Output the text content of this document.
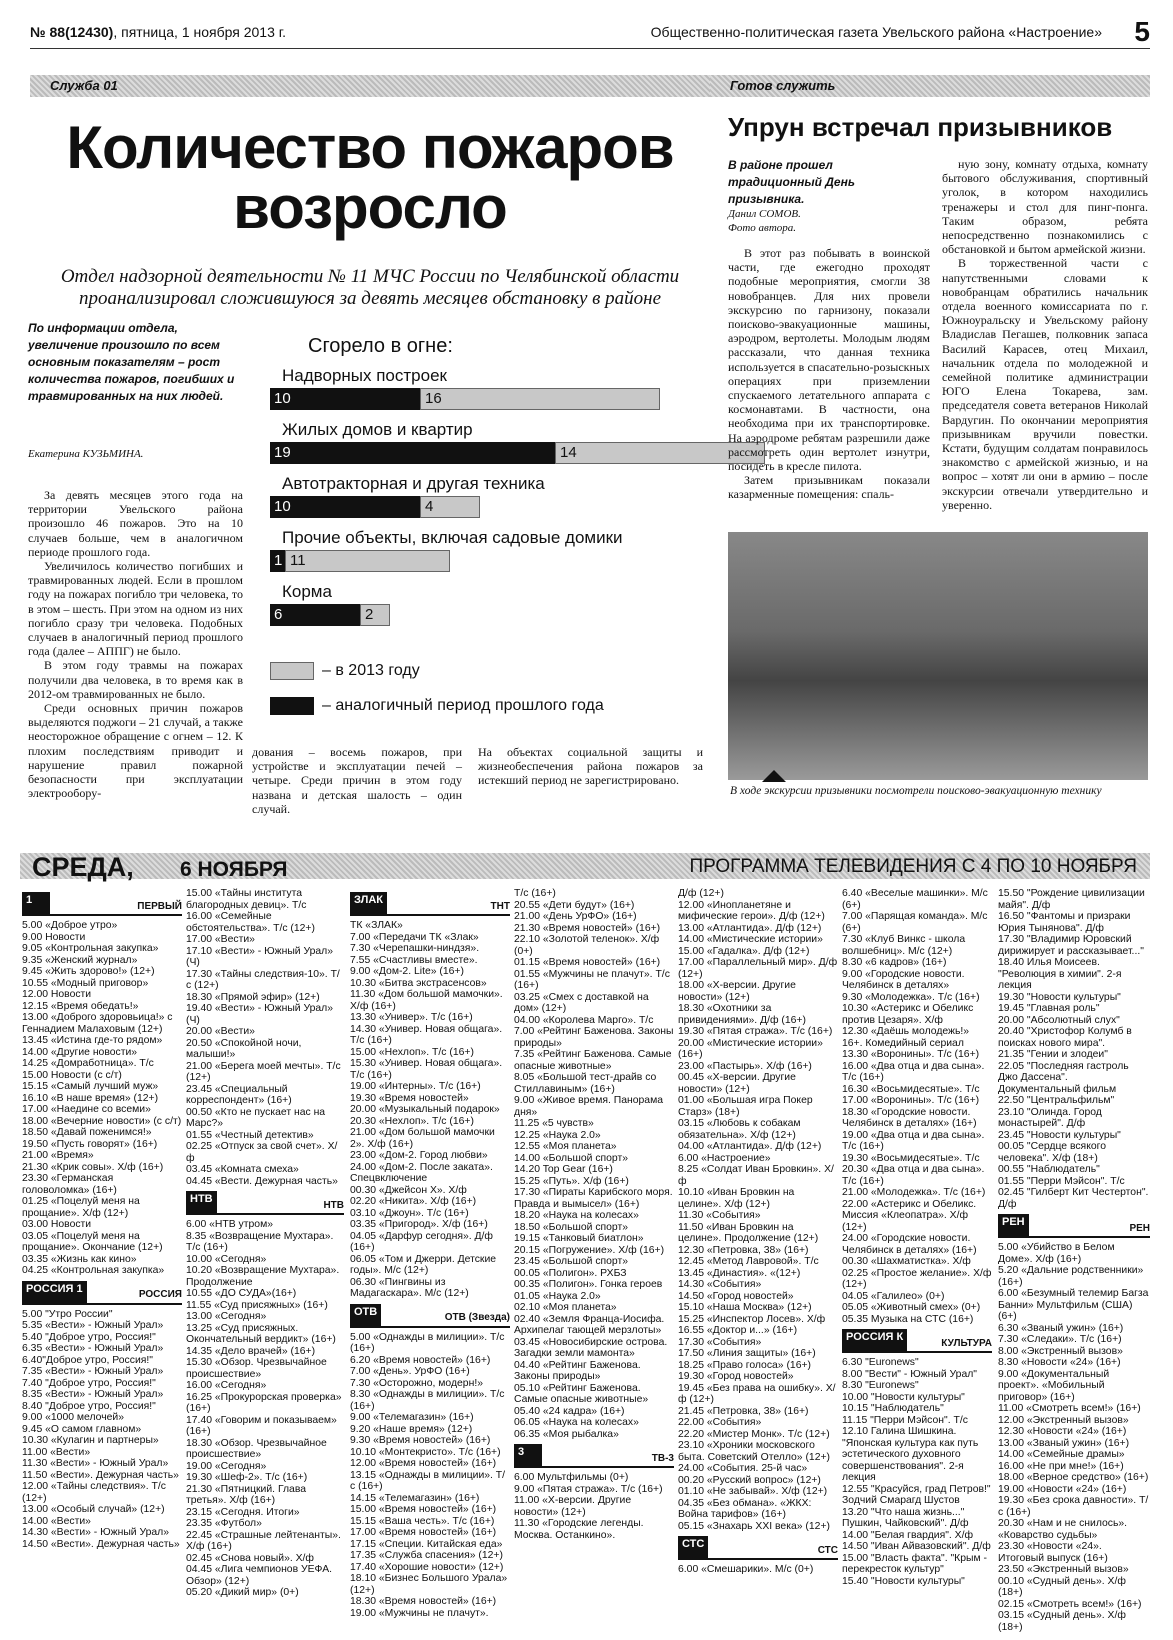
№ 88(12430), пятница, 1 ноября 2013 г.	Общественно-политическая газета Увельского района «Настроение» 5
Служба 01
Количество пожаров возросло
Отдел надзорной деятельности № 11 МЧС России по Челябинской области проанализировал сложившуюся за девять месяцев обстановку в районе
По информации отдела, увеличение произошло по всем основным показателям – рост количества пожаров, погибших и травмированных на них людей.
Екатерина КУЗЬМИНА.

За девять месяцев этого года на территории Увельского района произошло 46 пожаров. Это на 10 случаев больше, чем в аналогичном периоде прошлого года.

Увеличилось количество погибших и травмированных людей. Если в прошлом году на пожарах погибло три человека, то в этом – шесть. При этом на одном из них погибло сразу три человека. Подобных случаев в аналогичный период прошлого года (далее – АППГ) не было.

В этом году травмы на пожарах получили два человека, в то время как в 2012-ом травмированных не было.

Среди основных причин пожаров выделяются поджоги – 21 случай, а также неосторожное обращение с огнем – 12. К плохим последствиям приводит и нарушение правил пожарной безопасности при эксплуатации электрообору-

дования – восемь пожаров, при устройстве и эксплуатации печей – четыре. Среди причин в этом году названа и детская шалость – один случай.
На объектах социальной защиты и жизнеобеспечения района пожаров за истекший период не зарегистрировано.
Сгорело в огне:
Надворных построек
10	16
Жилых домов и квартир
19	14
Автотракторная и другая техника
10	4
Прочие объекты, включая садовые домики
1 11
Корма
6	2
– в 2013 году
– аналогичный период прошлого года
Готов служить
Упрун встречал призывников
В районе прошел традиционный День призывника.
Данил СОМОВ.
Фото автора.

В этот раз побывать в воинской части, где ежегодно проходят подобные мероприятия, смогли 38 новобранцев. Для них провели экскурсию по гарнизону, показали поисково-эвакуационные машины, аэродром, вертолеты. Молодым людям рассказали, что данная техника используется в спасательно-розыскных операциях при приземлении спускаемого летательного аппарата с космонавтами. В частности, она необходима при их транспортировке. На аэродроме ребятам разрешили даже рассмотреть один вертолет изнутри, посидеть в кресле пилота.

Затем призывникам показали казарменные помещения: спаль-

ную зону, комнату отдыха, комнату бытового обслуживания, спортивный уголок, в котором находились тренажеры и стол для пинг-понга. Таким образом, ребята непосредственно познакомились с обстановкой и бытом армейской жизни.

В торжественной части с напутственными словами к новобранцам обратились начальник отдела военного комиссариата по г. Южноуральску и Увельскому району Владислав Пегашев, полковник запаса Василий Карасев, отец Михаил, начальник отдела по молодежной и семейной политике администрации ЮГО Елена Токарева, зам. председателя совета ветеранов Николай Вардугин. По окончании мероприятия призывникам вручили повестки. Кстати, будущим солдатам понравилось знакомство с армейской жизнью, и на вопрос – хотят ли они в армию – после экскурсии отвечали утвердительно и уверенно.

В ходе экскурсии призывники посмотрели поисково-эвакуационную технику
СРЕДА, 6 НОЯБРЯ	ПРОГРАММА ТЕЛЕВИДЕНИЯ С 4 ПО 10 НОЯБРЯ
1	ПЕРВЫЙ
5.00 «Доброе утро»
9.00 Новости
9.05 «Контрольная закупка»
9.35 «Женский журнал»
9.45 «Жить здорово!» (12+)
10.55 «Модный приговор»
12.00 Новости
12.15 «Время обедать!»
13.00 «Доброго здоровьица!» с Геннадием Малаховым (12+)
13.45 «Истина где-то рядом»
14.00 «Другие новости»
14.25 «Домработница». Т/с
15.00 Новости (с с/т)
15.15 «Самый лучший муж»
16.10 «В наше время» (12+)
17.00 «Наедине со всеми»
18.00 «Вечерние новости» (с с/т)
18.50 «Давай поженимся!»
19.50 «Пусть говорят» (16+)
21.00 «Время»
21.30 «Крик совы». Х/ф (16+)
23.30 «Германская головоломка» (16+)
01.25 «Поцелуй меня на прощание». Х/ф (12+)
03.00 Новости
03.05 «Поцелуй меня на прощание». Окончание (12+)
03.35 «Жизнь как кино»
04.25 «Контрольная закупка»
РОССИЯ 1	РОССИЯ
5.00 "Утро России"
5.35 «Вести» - Южный Урал»
5.40 "Доброе утро, Россия!"
6.35 «Вести» - Южный Урал»
6.40"Доброе утро, Россия!"
7.35 «Вести» - Южный Урал»
7.40 "Доброе утро, Россия!"
8.35 «Вести» - Южный Урал»
8.40 "Доброе утро, Россия!"
9.00 «1000 мелочей»
9.45 «О самом главном»
10.30 «Кулагин и партнеры»
11.00 «Вести»
11.30 «Вести» - Южный Урал»
11.50 «Вести». Дежурная часть»
12.00 «Тайны следствия». Т/с (12+)
13.00 «Особый случай» (12+)
14.00 «Вести»
14.30 «Вести» - Южный Урал»
14.50 «Вести». Дежурная часть»
15.00 «Тайны института благородных девиц». Т/с
16.00 «Семейные обстоятельства». Т/с (12+)
17.00 «Вести»
17.10 «Вести» - Южный Урал» (Ч)
17.30 «Тайны следствия-10». Т/с (12+)
18.30 «Прямой эфир» (12+)
19.40 «Вести» - Южный Урал» (Ч)
20.00 «Вести»
20.50 «Спокойной ночи, малыши!»
21.00 «Берега моей мечты». Т/с (12+)
23.45 «Специальный корреспондент» (16+)
00.50 «Кто не пускает нас на Марс?»
01.55 «Честный детектив»
02.25 «Отпуск за свой счет». Х/ф
03.45 «Комната смеха»
04.45 «Вести. Дежурная часть»
НТВ	НТВ
6.00 «НТВ утром»
8.35 «Возвращение Мухтара». Т/с (16+)
10.00 «Сегодня»
10.20 «Возвращение Мухтара». Продолжение
10.55 «ДО СУДА»(16+)
11.55 «Суд присяжных» (16+)
13.00 «Сегодня»
13.25 «Суд присяжных. Окончательный вердикт» (16+)
14.35 «Дело врачей» (16+)
15.30 «Обзор. Чрезвычайное происшествие»
16.00 «Сегодня»
16.25 «Прокурорская проверка» (16+)
17.40 «Говорим и показываем» (16+)
18.30 «Обзор. Чрезвычайное происшествие»
19.00 «Сегодня»
19.30 «Шеф-2». Т/с (16+)
21.30 «Пятницкий. Глава третья». Х/ф (16+)
23.15 «Сегодня. Итоги»
23.35 «Футбол»
22.45 «Страшные лейтенанты». Х/ф (16+)
02.45 «Снова новый». Х/ф
04.45 «Лига чемпионов УЕФА. Обзор» (12+)
05.20 «Дикий мир» (0+)
ЗЛАК	ТНТ
ТК «ЗЛАК»
7.00 «Передачи ТК «Злак»
7.30 «Черепашки-ниндзя».
7.55 «Счастливы вместе».
9.00 «Дом-2. Lite» (16+)
10.30 «Битва экстрасенсов»
11.30 «Дом большой мамочки». Х/ф (16+)
13.30 «Универ». Т/с (16+)
14.30 «Универ. Новая общага». Т/с (16+)
15.00 «Нехлоп». Т/с (16+)
15.30 «Универ. Новая общага». Т/с (16+)
19.00 «Интерны». Т/с (16+)
19.30 «Время новостей»
20.00 «Музыкальный подарок»
20.30 «Нехлоп». Т/с (16+)
21.00 «Дом большой мамочки 2». Х/ф (16+)
23.00 «Дом-2. Город любви»
24.00 «Дом-2. После заката». Спецвключение
00.30 «Джейсон Х». Х/ф
02.20 «Никита». Х/ф (16+)
03.10 «Джоун». Т/с (16+)
03.35 «Пригород». Х/ф (16+)
04.05 «Дарфур сегодня». Д/ф (16+)
06.05 «Том и Джерри. Детские годы». М/с (12+)
06.30 «Пингвины из Мадагаскара». М/с (12+)
ОТВ	ОТВ (Звезда)
5.00 «Однажды в милиции». Т/с (16+)
6.20 «Время новостей» (16+)
7.00 «День». УрФО (16+)
7.30 «Осторожно, модерн!»
8.30 «Однажды в милиции». Т/с (16+)
9.00 «Телемагазин» (16+)
9.20 «Наше время» (12+)
9.30 «Время новостей» (16+)
10.10 «Монтекристо». Т/с (16+)
12.00 «Время новостей» (16+)
13.15 «Однажды в милиции». Т/с (16+)
14.15 «Телемагазин» (16+)
15.00 «Время новостей» (16+)
15.15 «Ваша честь». Т/с (16+)
17.00 «Время новостей» (16+)
17.15 «Специи. Китайская еда»
17.35 «Служба спасения» (12+)
17.40 «Хорошие новости» (12+)
18.10 «Бизнес Большого Урала» (12+)
18.30 «Время новостей» (16+)
19.00 «Мужчины не плачут».
Т/с (16+)
20.55 «Дети будут» (16+)
21.00 «День УрФО» (16+)
21.30 «Время новостей» (16+)
22.10 «Золотой теленок». Х/ф (0+)
01.15 «Время новостей» (16+)
01.55 «Мужчины не плачут». Т/с (16+)
03.25 «Смех с доставкой на дом» (12+)
04.00 «Королева Марго». Т/с
7.00 «Рейтинг Баженова. Законы природы»
7.35 «Рейтинг Баженова. Самые опасные животные»
8.05 «Большой тест-драйв со Стиллавиным» (16+)
9.00 «Живое время. Панорама дня»
11.25 «5 чувств»
12.25 «Наука 2.0»
12.55 «Моя планета»
14.00 «Большой спорт»
14.20 Top Gear (16+)
15.25 «Путь». Х/ф (16+)
17.30 «Пираты Карибского моря. Правда и вымысел» (16+)
18.20 «Наука на колесах»
18.50 «Большой спорт»
19.15 «Танковый биатлон»
20.15 «Погружение». Х/ф (16+)
23.45 «Большой спорт»
00.05 «Полигон». РХБЗ
00.35 «Полигон». Гонка героев
01.05 «Наука 2.0»
02.10 «Моя планета»
02.40 «Земля Франца-Иосифа. Архипелаг тающей мерзлоты»
03.45 «Новосибирские острова. Загадки земли мамонта»
04.40 «Рейтинг Баженова. Законы природы»
05.10 «Рейтинг Баженова. Самые опасные животные»
05.40 «24 кадра» (16+)
06.05 «Наука на колесах»
06.35 «Моя рыбалка»
3	ТВ-3
6.00 Мультфильмы (0+)
9.00 «Пятая стража». Т/с (16+)
11.00 «Х-версии. Другие новости» (12+)
11.30 «Городские легенды. Москва. Останкино».
Д/ф (12+)
12.00 «Инопланетяне и мифические герои». Д/ф (12+)
13.00 «Атлантида». Д/ф (12+)
14.00 «Мистические истории»
15.00 «Гадалка». Д/ф (12+)
17.00 «Параллельный мир». Д/ф (12+)
18.00 «Х-версии. Другие новости» (12+)
18.30 «Охотники за привидениями». Д/ф (16+)
19.30 «Пятая стража». Т/с (16+)
20.00 «Мистические истории» (16+)
23.00 «Пастырь». Х/ф (16+)
00.45 «Х-версии. Другие новости» (12+)
01.00 «Большая игра Покер Старз» (18+)
03.15 «Любовь к собакам обязательна». Х/ф (12+)
04.00 «Атлантида». Д/ф (12+)
6.00 «Настроение»
8.25 «Солдат Иван Бровкин». Х/ф
10.10 «Иван Бровкин на целине». Х/ф (12+)
11.30 «События»
11.50 «Иван Бровкин на целине». Продолжение (12+)
12.30 «Петровка, 38» (16+)
12.45 «Метод Лавровой». Т/с
13.45 «Династия». «(12+)
14.30 «События»
14.50 «Город новостей»
15.10 «Наша Москва» (12+)
15.25 «Инспектор Лосев». Х/ф
16.55 «Доктор и...» (16+)
17.30 «События»
17.50 «Линия защиты» (16+)
18.25 «Право голоса» (16+)
19.30 «Город новостей»
19.45 «Без права на ошибку». Х/ф (12+)
21.45 «Петровка, 38» (16+)
22.00 «События»
22.20 «Мистер Монк». Т/с (12+)
23.10 «Хроники московского быта. Советский Отелло» (12+)
24.00 «События. 25-й час»
00.20 «Русский вопрос» (12+)
01.10 «Не забывай». Х/ф (12+)
04.35 «Без обмана». «ЖКХ: Война тарифов» (16+)
05.15 «Знахарь XXI века» (12+)
СТС	СТС
6.00 «Смешарики». М/с (0+)
6.40 «Веселые машинки». М/с (6+)
7.00 «Парящая команда». М/с (6+)
7.30 «Клуб Винкс - школа волшебниц». М/с (12+)
8.30 «6 кадров» (16+)
9.00 «Городские новости. Челябинск в деталях»
9.30 «Молодежка». Т/с (16+)
10.30 «Астерикс и Обеликс против Цезаря». Х/ф
12.30 «Даёшь молодежь!» 16+. Комедийный сериал
13.30 «Воронины». Т/с (16+)
16.00 «Два отца и два сына». Т/с (16+)
16.30 «Восьмидесятые». Т/с
17.00 «Воронины». Т/с (16+)
18.30 «Городские новости. Челябинск в деталях» (16+)
19.00 «Два отца и два сына». Т/с (16+)
19.30 «Восьмидесятые». Т/с
20.30 «Два отца и два сына». Т/с (16+)
21.00 «Молодежка». Т/с (16+)
22.00 «Астерикс и Обеликс. Миссия «Клеопатра». Х/ф (12+)
24.00 «Городские новости. Челябинск в деталях» (16+)
00.30 «Шахматистка». Х/ф
02.25 «Простое желание». Х/ф (12+)
04.05 «Галилео» (0+)
05.05 «Животный смех» (0+)
05.35 Музыка на СТС (16+)
РОССИЯ К	КУЛЬТУРА
6.30 "Euronews"
8.00 "Вести" - Южный Урал"
8.30 "Euronews"
10.00 "Новости культуры"
10.15 "Наблюдатель"
11.15 "Перри Мэйсон". Т/с
12.10 Галина Шишкина. "Японская культура как путь эстетического духовного совершенствования". 2-я лекция
12.55 "Красуйся, град Петров!" Зодчий Смарагд Шустов
13.20 "Что наша жизнь..." Пушкин, Чайковский". Д/ф
14.00 "Белая гвардия". Х/ф
14.50 "Иван Айвазовский". Д/ф
15.00 "Власть факта". "Крым - перекресток культур"
15.40 "Новости культуры"
15.50 "Рождение цивилизации майя". Д/ф
16.50 "Фантомы и призраки Юрия Тынянова". Д/ф
17.30 "Владимир Юровский дирижирует и рассказывает..."
18.40 Илья Моисеев. "Революция в химии". 2-я лекция
19.30 "Новости культуры"
19.45 "Главная роль"
20.00 "Абсолютный слух"
20.40 "Христофор Колумб в поисках нового мира".
21.35 "Гении и злодеи"
22.05 "Последняя гастроль Джо Дассена". Документальный фильм
22.50 "Центральфильм"
23.10 "Олинда. Город монастырей". Д/ф
23.45 "Новости культуры"
00.05 "Сердце всякого человека". Х/ф (18+)
00.55 "Наблюдатель"
01.55 "Перри Мэйсон". Т/с
02.45 "Гилберт Кит Честертон". Д/ф
РЕН	РЕН
5.00 «Убийство в Белом Доме». Х/ф (16+)
5.20 «Дальние родственники» (16+)
6.00 «Безумный телемир Багза Банни» Мультфильм (США) (6+)
6.30 «Званый ужин» (16+)
7.30 «Следаки». Т/с (16+)
8.00 «Экстренный вызов»
8.30 «Новости «24» (16+)
9.00 «Документальный проект». «Мобильный приговор» (16+)
11.00 «Смотреть всем!» (16+)
12.00 «Экстренный вызов»
12.30 «Новости «24» (16+)
13.00 «Званый ужин» (16+)
14.00 «Семейные драмы»
16.00 «Не при мне!» (16+)
18.00 «Верное средство» (16+)
19.00 «Новости «24» (16+)
19.30 «Без срока давности». Т/с (16+)
20.30 «Нам и не снилось». «Коварство судьбы»
23.30 «Новости «24». Итоговый выпуск (16+)
23.50 «Экстренный вызов»
00.10 «Судный день». Х/ф (18+)
02.15 «Смотреть всем!» (16+)
03.15 «Судный день». Х/ф (18+)
